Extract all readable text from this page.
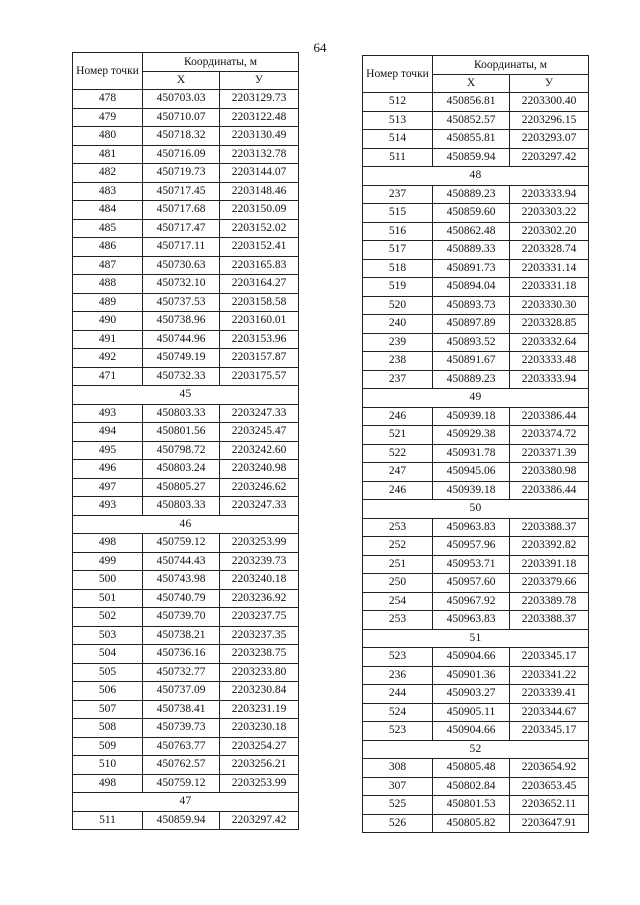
64
Номер точки	Координаты, м	
	X	У
478	450703.03	2203129.73
479	450710.07	2203122.48
480	450718.32	2203130.49
481	450716.09	2203132.78
482	450719.73	2203144.07
483	450717.45	2203148.46
484	450717.68	2203150.09
485	450717.47	2203152.02
486	450717.11	2203152.41
487	450730.63	2203165.83
488	450732.10	2203164.27
489	450737.53	2203158.58
490	450738.96	2203160.01
491	450744.96	2203153.96
492	450749.19	2203157.87
471	450732.33	2203175.57
45		
493	450803.33	2203247.33
494	450801.56	2203245.47
495	450798.72	2203242.60
496	450803.24	2203240.98
497	450805.27	2203246.62
493	450803.33	2203247.33
46		
498	450759.12	2203253.99
499	450744.43	2203239.73
500	450743.98	2203240.18
501	450740.79	2203236.92
502	450739.70	2203237.75
503	450738.21	2203237.35
504	450736.16	2203238.75
505	450732.77	2203233.80
506	450737.09	2203230.84
507	450738.41	2203231.19
508	450739.73	2203230.18
509	450763.77	2203254.27
510	450762.57	2203256.21
498	450759.12	2203253.99
47		
511	450859.94	2203297.42
Номер точки	Координаты, м	
	X	У
512	450856.81	2203300.40
513	450852.57	2203296.15
514	450855.81	2203293.07
511	450859.94	2203297.42
48		
237	450889.23	2203333.94
515	450859.60	2203303.22
516	450862.48	2203302.20
517	450889.33	2203328.74
518	450891.73	2203331.14
519	450894.04	2203331.18
520	450893.73	2203330.30
240	450897.89	2203328.85
239	450893.52	2203332.64
238	450891.67	2203333.48
237	450889.23	2203333.94
49		
246	450939.18	2203386.44
521	450929.38	2203374.72
522	450931.78	2203371.39
247	450945.06	2203380.98
246	450939.18	2203386.44
50		
253	450963.83	2203388.37
252	450957.96	2203392.82
251	450953.71	2203391.18
250	450957.60	2203379.66
254	450967.92	2203389.78
253	450963.83	2203388.37
51		
523	450904.66	2203345.17
236	450901.36	2203341.22
244	450903.27	2203339.41
524	450905.11	2203344.67
523	450904.66	2203345.17
52		
308	450805.48	2203654.92
307	450802.84	2203653.45
525	450801.53	2203652.11
526	450805.82	2203647.91
